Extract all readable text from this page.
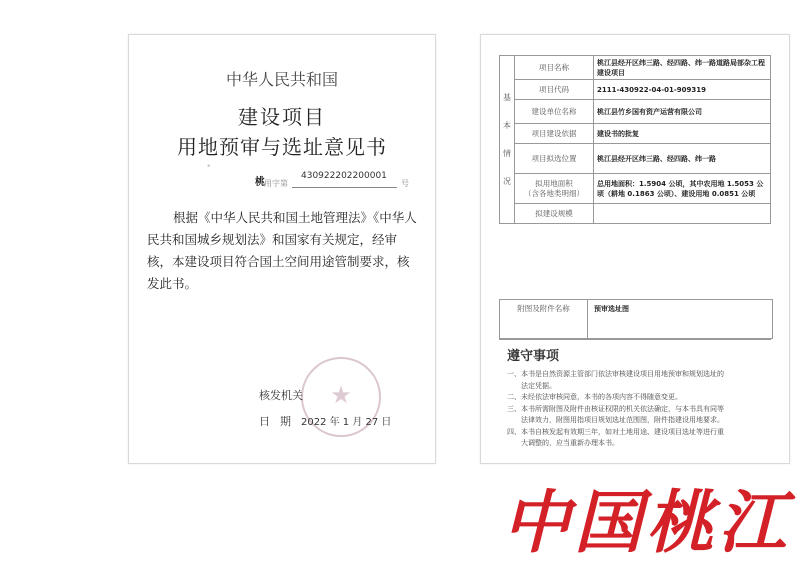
中华人民共和国
建设项目
用地预审与选址意见书
*
桃 用字第
430922202200001
号
根据《中华人民共和国土地管理法》《中华人民共和国城乡规划法》和国家有关规定，经审核，本建设项目符合国土空间用途管制要求，核发此书。
★
核发机关
日期 2022 年 1 月 27 日
基

本

情

况	项目名称	桃江县经开区纬三路、经四路、纬一路道路局部杂工程建设项目
	项目代码	2111-430922-04-01-909319
	建设单位名称	桃江县竹乡国有资产运营有限公司
	项目建设依据	建设书的批复
	项目拟选位置	桃江县经开区纬三路、经四路、纬一路
	拟用地面积
（含各地类明细）	总用地面积：1.5904 公顷，其中农用地 1.5053 公顷（耕地 0.1863 公顷）、建设用地 0.0851 公顷
	拟建设规模	
附图及附件名称	预审选址图
遵守事项
一、本书是自然资源主管部门依法审核建设项目用地预审和规划选址的
　　法定凭据。
二、未经依法审核同意，本书的各项内容不得随意变更。
三、本书所需附图及附件由核证权限的机关依法确定，与本书具有同等
　　法律效力，附图用指项目规划选址范围图，附件指建设用地要求。
四、本书自核发起有效期三年，如对土地用途、建设项目选址等进行重
　　大调整的，应当重新办理本书。
中国桃江
